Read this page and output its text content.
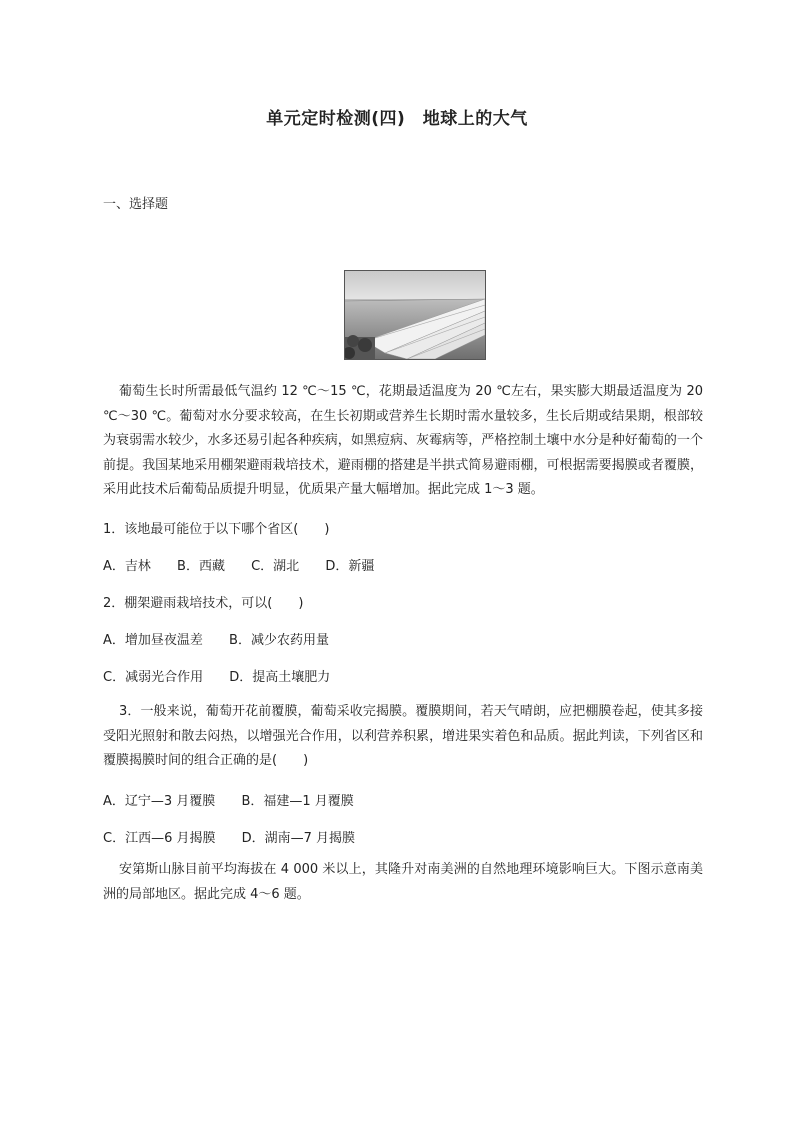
单元定时检测(四)　地球上的大气
一、选择题
葡萄生长时所需最低气温约 12 ℃～15 ℃，花期最适温度为 20 ℃左右，果实膨大期最适温度为 20 ℃～30 ℃。葡萄对水分要求较高，在生长初期或营养生长期时需水量较多，生长后期或结果期，根部较为衰弱需水较少，水多还易引起各种疾病，如黑痘病、灰霉病等，严格控制土壤中水分是种好葡萄的一个前提。我国某地采用棚架避雨栽培技术，避雨棚的搭建是半拱式简易避雨棚，可根据需要揭膜或者覆膜，采用此技术后葡萄品质提升明显，优质果产量大幅增加。据此完成 1～3 题。
1．该地最可能位于以下哪个省区(　　)
A．吉林 B．西藏 C．湖北 D．新疆
2．棚架避雨栽培技术，可以(　　)
A．增加昼夜温差 B．减少农药用量
C．减弱光合作用 D．提高土壤肥力
3．一般来说，葡萄开花前覆膜，葡萄采收完揭膜。覆膜期间，若天气晴朗，应把棚膜卷起，使其多接受阳光照射和散去闷热，以增强光合作用，以利营养积累，增进果实着色和品质。据此判读，下列省区和覆膜揭膜时间的组合正确的是(　　)
A．辽宁—3 月覆膜 B．福建—1 月覆膜
C．江西—6 月揭膜 D．湖南—7 月揭膜
安第斯山脉目前平均海拔在 4 000 米以上，其隆升对南美洲的自然地理环境影响巨大。下图示意南美洲的局部地区。据此完成 4～6 题。
